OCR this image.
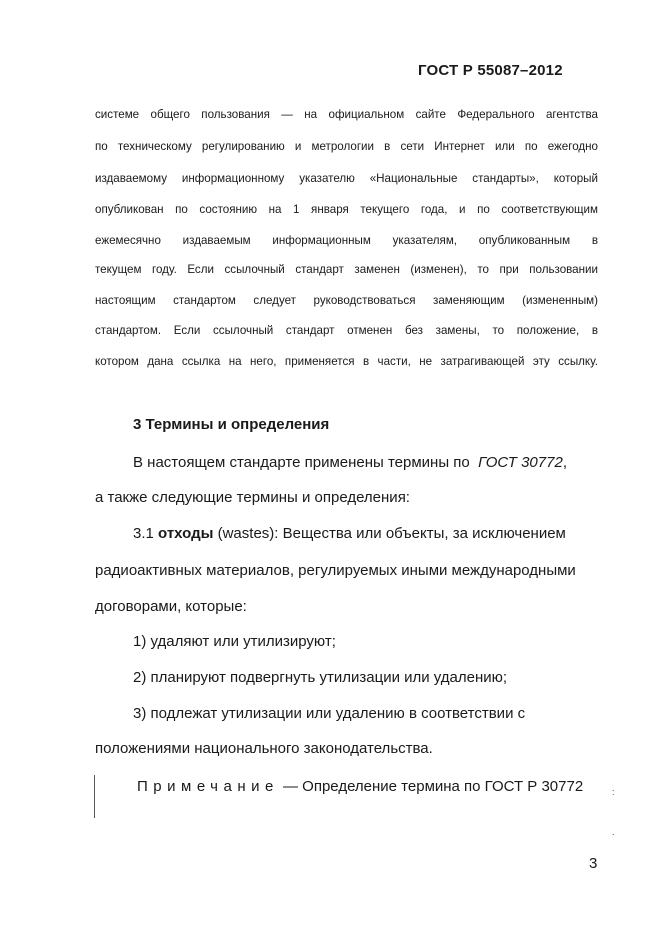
ГОСТ Р 55087–2012
системе общего пользования — на официальном сайте Федерального агентства
по техническому регулированию и метрологии в сети Интернет или по ежегодно
издаваемому информационному указателю «Национальные стандарты», который
опубликован по состоянию на 1 января текущего года, и по соответствующим
ежемесячно издаваемым информационным указателям, опубликованным в
текущем году. Если ссылочный стандарт заменен (изменен), то при пользовании
настоящим стандартом следует руководствоваться заменяющим (измененным)
стандартом. Если ссылочный стандарт отменен без замены, то положение, в
котором дана ссылка на него, применяется в части, не затрагивающей эту ссылку.
3 Термины и определения
В настоящем стандарте применены термины по ГОСТ 30772,
а также следующие термины и определения:
3.1 отходы (wastes): Вещества или объекты, за исключением
радиоактивных материалов, регулируемых иными международными
договорами, которые:
1) удаляют или утилизируют;
2) планируют подвергнуть утилизации или удалению;
3) подлежат утилизации или удалению в соответствии с
положениями национального законодательства.
Примечание — Определение термина по ГОСТ Р 30772	:
.
3
